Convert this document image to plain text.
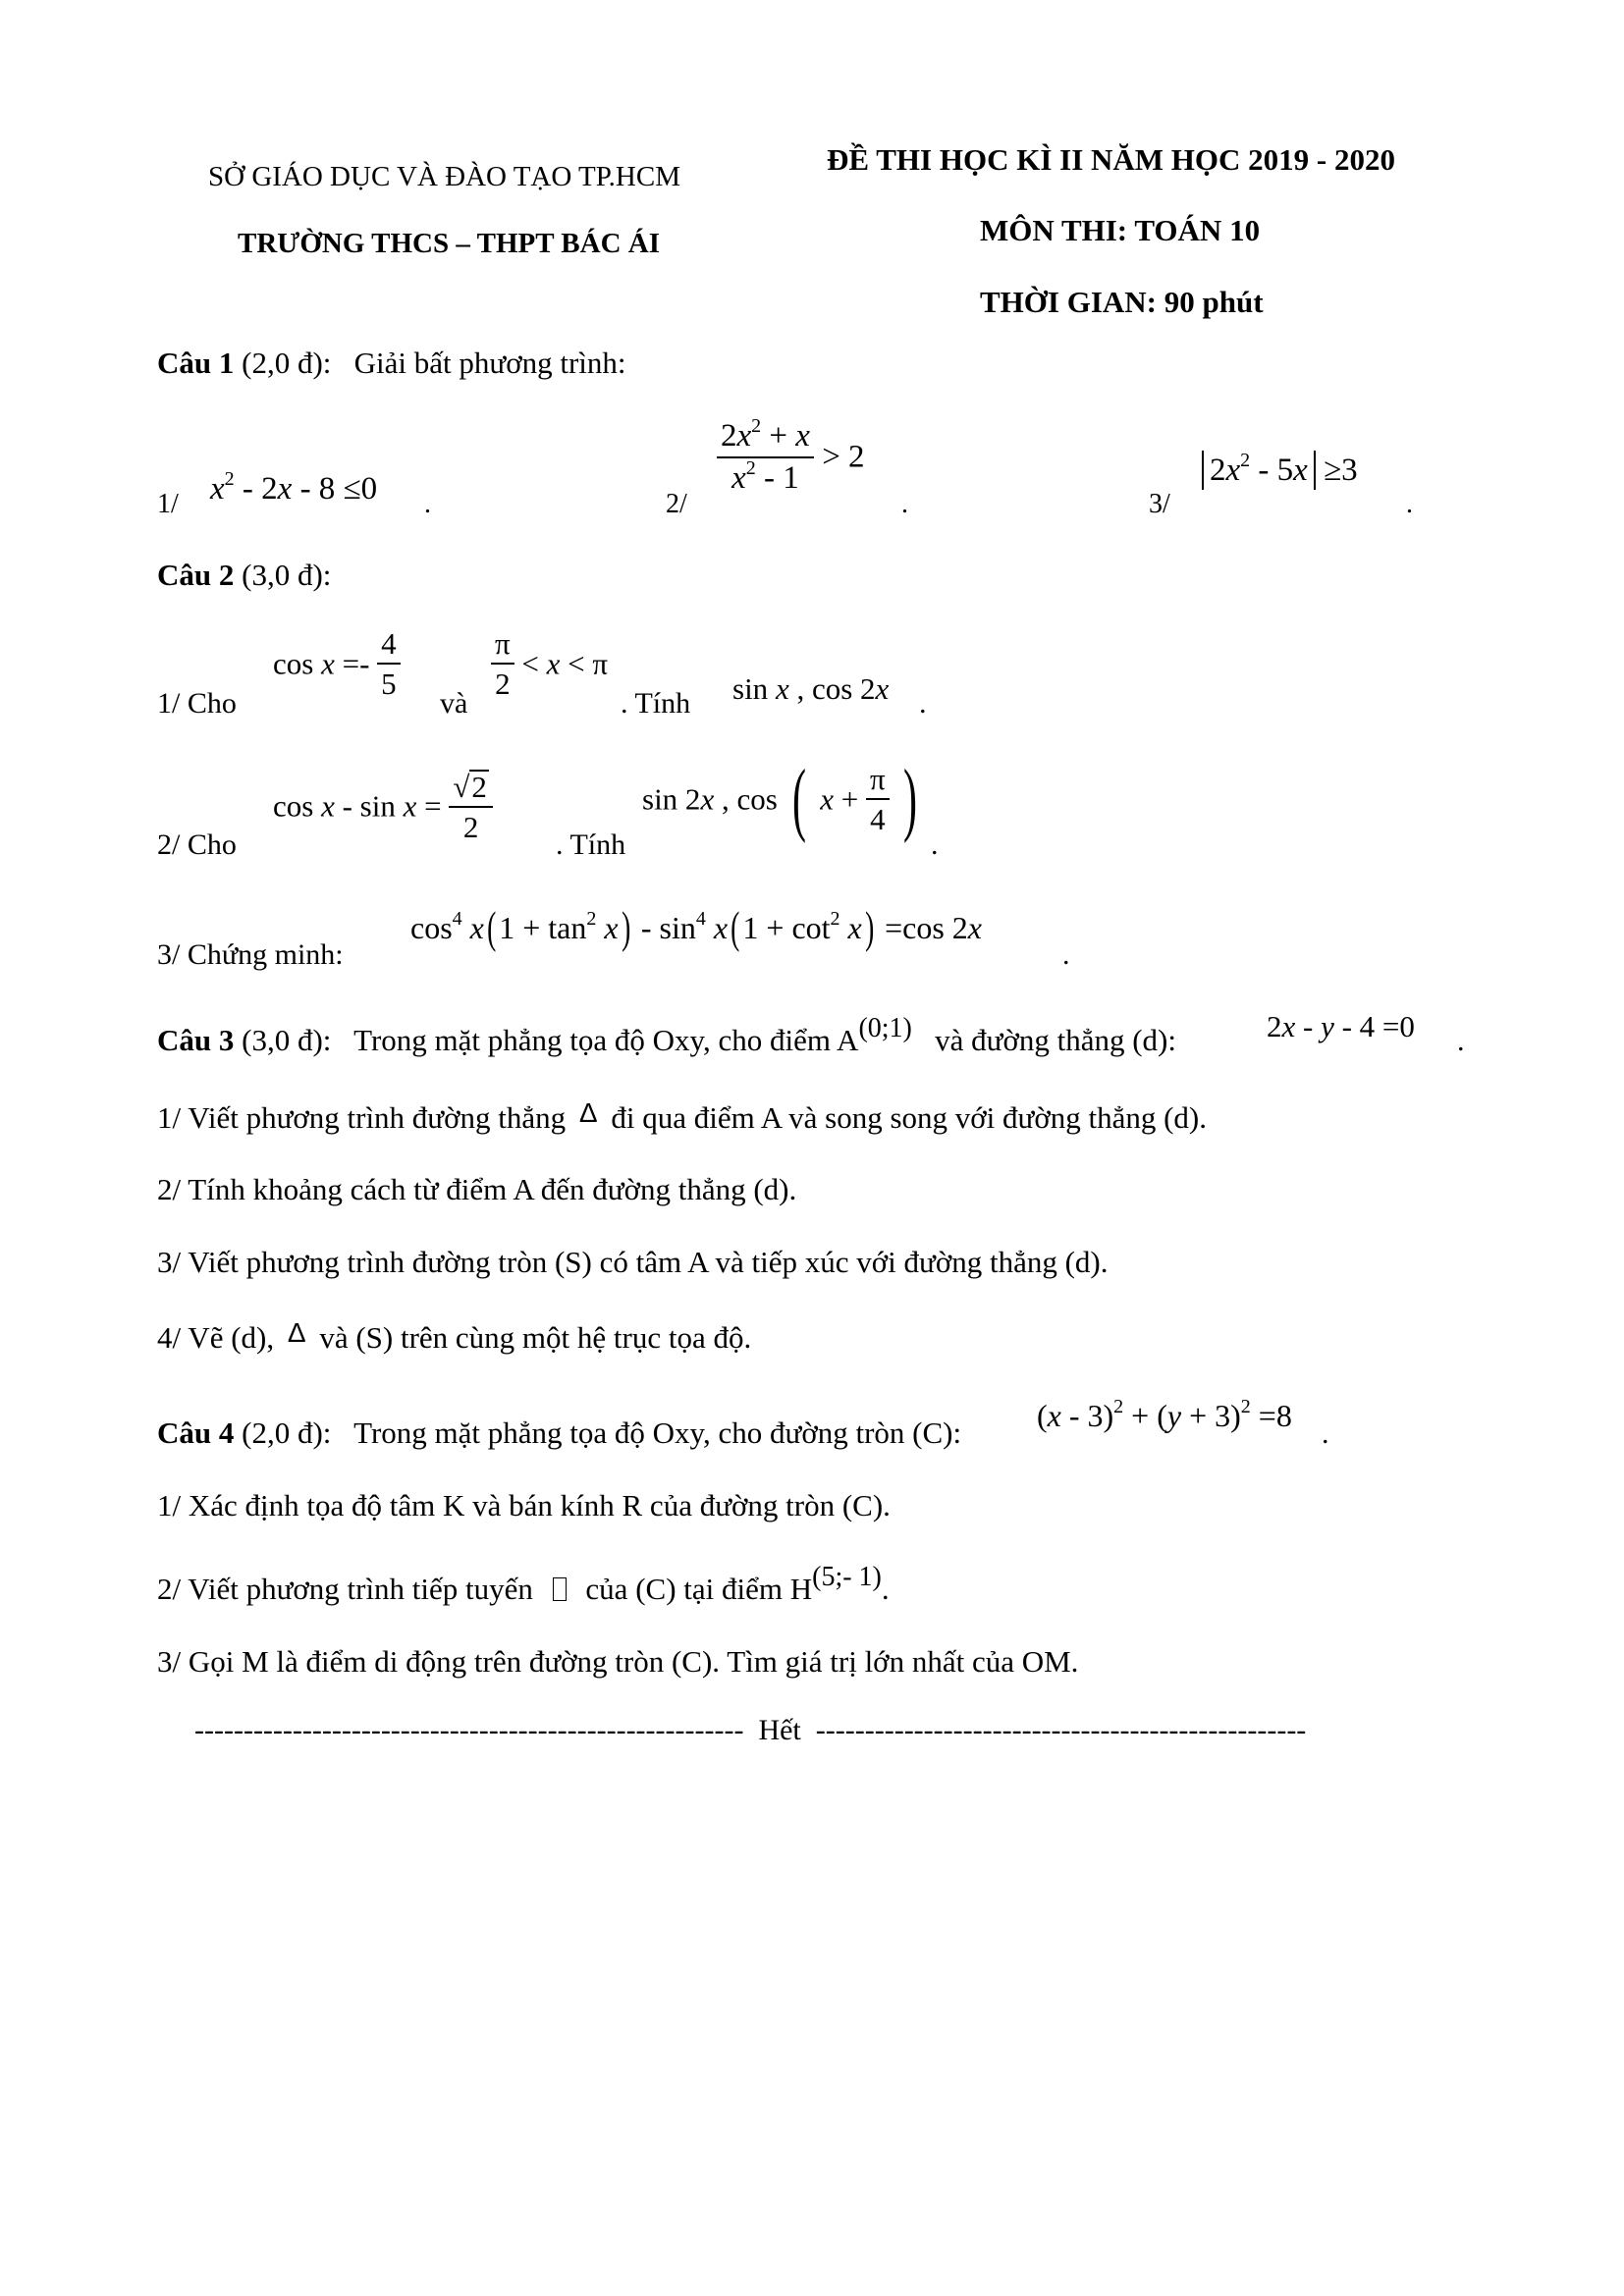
SỞ GIÁO DỤC VÀ ĐÀO TẠO TP.HCM
TRƯỜNG THCS – THPT BÁC ÁI
ĐỀ THI HỌC KÌ II NĂM HỌC 2019 - 2020
MÔN THI: TOÁN 10
THỜI GIAN: 90 phút
Câu 1 (2,0 đ): Giải bất phương trình:
1/ $x^2 - 2x - 8 \le 0$ .	2/
$\frac{2x^2 + x}{x^2 - 1} > 2$
.	3/
$2x^2 - 5x \ge 3$
.
Câu 2 (3,0 đ):
1/ Cho
$\cos x =- \frac{4}{5}$
và
$\frac{\pi}{2} < x < \pi$
. Tính sin x , cos 2x .
2/ Cho
$\cos x - \sin x = \frac{√ 2}{2}$
. Tính
sin 2x , cos ( $x + \frac{\pi}{4}$ )
.
3/ Chứng minh:
$\cos^4 x(1 + \tan^2 x) - \sin^4 x(1 + \cot^2 x) =\cos$ 2x
.
Câu 3 (3,0 đ): Trong mặt phẳng tọa độ Oxy, cho điểm A(0;1) và đường thẳng (d):	2x - y - 4 =0 .
1/ Viết phương trình đường thẳng Δ đi qua điểm A và song song với đường thẳng (d).
2/ Tính khoảng cách từ điểm A đến đường thẳng (d).
3/ Viết phương trình đường tròn (S) có tâm A và tiếp xúc với đường thẳng (d).
4/ Vẽ (d), Δ và (S) trên cùng một hệ trục tọa độ.
Câu 4 (2,0 đ): Trong mặt phẳng tọa độ Oxy, cho đường tròn (C): $(x - 3)^2 + (y + 3)^2 =8$
.
1/ Xác định tọa độ tâm K và bán kính R của đường tròn (C).
2/ Viết phương trình tiếp tuyến của (C) tại điểm H(5;- 1).
3/ Gọi M là điểm di động trên đường tròn (C). Tìm giá trị lớn nhất của OM.
-------------------------------------------------------- Hết --------------------------------------------------
